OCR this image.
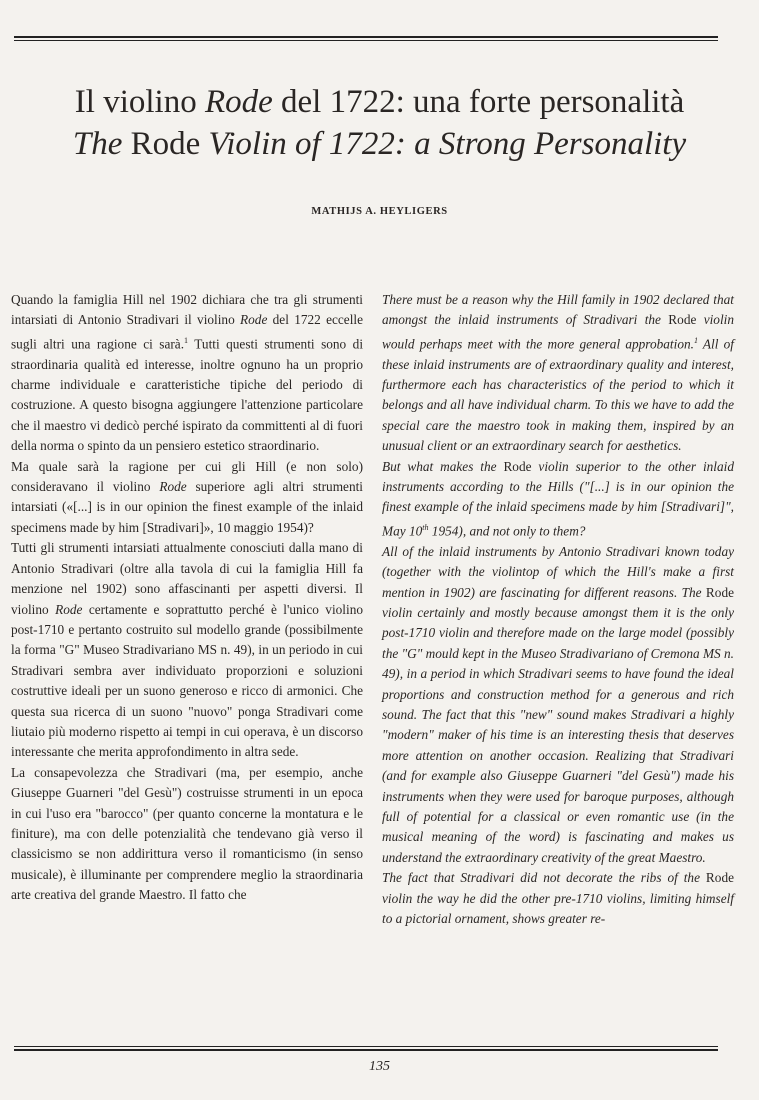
Il violino Rode del 1722: una forte personalità
The Rode Violin of 1722: a Strong Personality
MATHIJS A. HEYLIGERS

Quando la famiglia Hill nel 1902 dichiara che tra gli strumenti intarsiati di Antonio Stradivari il violino Rode del 1722 eccelle sugli altri una ragione ci sarà.$^1$ Tutti questi strumenti sono di straordinaria qualità ed interesse, inoltre ognuno ha un proprio charme individuale e caratteristiche tipiche del periodo di costruzione. A questo bisogna aggiungere l'attenzione particolare che il maestro vi dedicò perché ispirato da committenti al di fuori della norma o spinto da un pensiero estetico straordinario.

Ma quale sarà la ragione per cui gli Hill (e non solo) consideravano il violino Rode superiore agli altri strumenti intarsiati («[...] is in our opinion the finest example of the inlaid specimens made by him [Stradivari]», 10 maggio 1954)?

Tutti gli strumenti intarsiati attualmente conosciuti dalla mano di Antonio Stradivari (oltre alla tavola di cui la famiglia Hill fa menzione nel 1902) sono affascinanti per aspetti diversi. Il violino Rode certamente e soprattutto perché è l'unico violino post-1710 e pertanto costruito sul modello grande (possibilmente la forma "G" Museo Stradivariano MS n. 49), in un periodo in cui Stradivari sembra aver individuato proporzioni e soluzioni costruttive ideali per un suono generoso e ricco di armonici. Che questa sua ricerca di un suono "nuovo" ponga Stradivari come liutaio più moderno rispetto ai tempi in cui operava, è un discorso interessante che merita approfondimento in altra sede.

La consapevolezza che Stradivari (ma, per esempio, anche Giuseppe Guarneri "del Gesù") costruisse strumenti in un epoca in cui l'uso era "barocco" (per quanto concerne la montatura e le finiture), ma con delle potenzialità che tendevano già verso il classicismo se non addirittura verso il romanticismo (in senso musicale), è illuminante per comprendere meglio la straordinaria arte creativa del grande Maestro. Il fatto che

There must be a reason why the Hill family in 1902 declared that amongst the inlaid instruments of Stradivari the Rode violin would perhaps meet with the more general approbation.$^1$ All of these inlaid instruments are of extraordinary quality and interest, furthermore each has characteristics of the period to which it belongs and all have individual charm. To this we have to add the special care the maestro took in making them, inspired by an unusual client or an extraordinary search for aesthetics.

But what makes the Rode violin superior to the other inlaid instruments according to the Hills ("[...] is in our opinion the finest example of the inlaid specimens made by him [Stradivari]", May 10th 1954), and not only to them?

All of the inlaid instruments by Antonio Stradivari known today (together with the violintop of which the Hill's make a first mention in 1902) are fascinating for different reasons. The Rode violin certainly and mostly because amongst them it is the only post-1710 violin and therefore made on the large model (possibly the "G" mould kept in the Museo Stradivariano of Cremona MS n. 49), in a period in which Stradivari seems to have found the ideal proportions and construction method for a generous and rich sound. The fact that this "new" sound makes Stradivari a highly "modern" maker of his time is an interesting thesis that deserves more attention on another occasion. Realizing that Stradivari (and for example also Giuseppe Guarneri "del Gesù") made his instruments when they were used for baroque purposes, although full of potential for a classical or even romantic use (in the musical meaning of the word) is fascinating and makes us understand the extraordinary creativity of the great Maestro.

The fact that Stradivari did not decorate the ribs of the Rode violin the way he did the other pre-1710 violins, limiting himself to a pictorial ornament, shows greater re-

135
